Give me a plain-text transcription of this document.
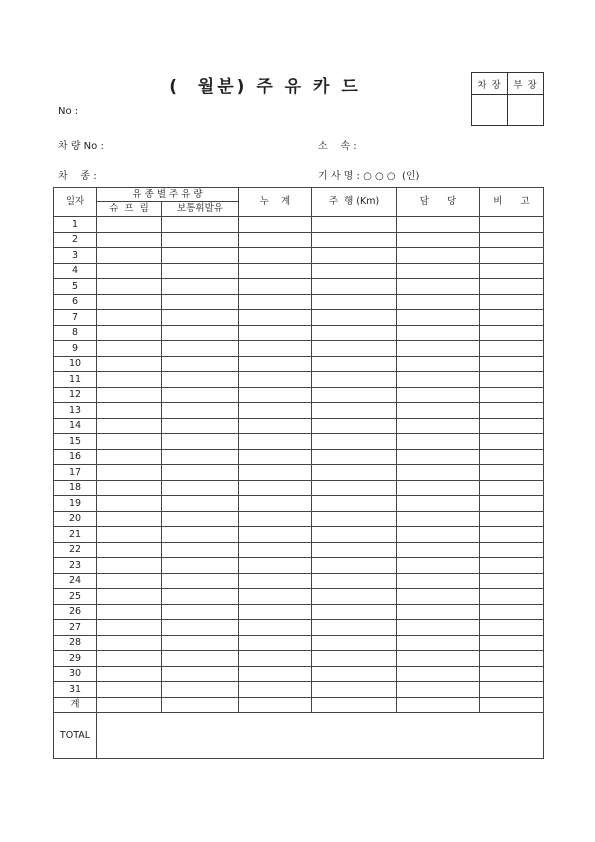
(  월분) 주 유 카 드	차 장	부 장

No :
차 량 No :	소    속 :
차    종 :	기 사 명 : ○ ○ ○  (인)
일자	유 종 별 주 유 량		누    계	주  행 (Km)	담      당	비      고
	슈  프  림	보통휘발유				
1						
2						
3						
4						
5						
6						
7						
8						
9						
10						
11						
12						
13						
14						
15						
16						
17						
18						
19						
20						
21						
22						
23						
24						
25						
26						
27						
28						
29						
30						
31						
계						
TOTAL						
